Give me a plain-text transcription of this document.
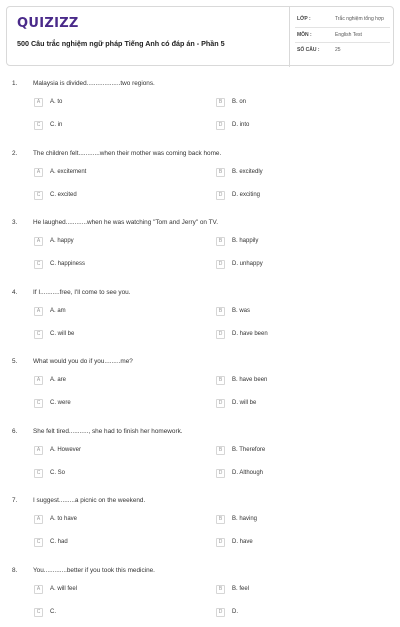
QUIZIZZ
500 Câu trắc nghiệm ngữ pháp Tiếng Anh có đáp án - Phần 5
LỚP :	Trắc nghiệm tổng hợp
MÔN :	English Test
SỐ CÂU :	25
1. Malaysia is divided...................two regions.
A	A. to	B	B. on
C	C. in	D	D. into
2. The children felt............when their mother was coming back home.
A	A. excitement	B	B. excitedly
C	C. excited	D	D. exciting
3. He laughed............when he was watching "Tom and Jerry" on TV.
A	A. happy	B	B. happily
C	C. happiness	D	D. unhappy
4. If I...........free, I'll come to see you.
A	A. am	B	B. was
C	C. will be	D	D. have been
5. What would you do if you.........me?
A	A. are	B	B. have been
C	C. were	D	D. will be
6. She felt tired..........., she had to finish her homework.
A	A. However	B	B. Therefore
C	C. So	D	D. Although
7. I suggest.........a picnic on the weekend.
A	A. to have	B	B. having
C	C. had	D	D. have
8. You.............better if you took this medicine.
A	A. will feel	B	B. feel
C	C.	D	D.
